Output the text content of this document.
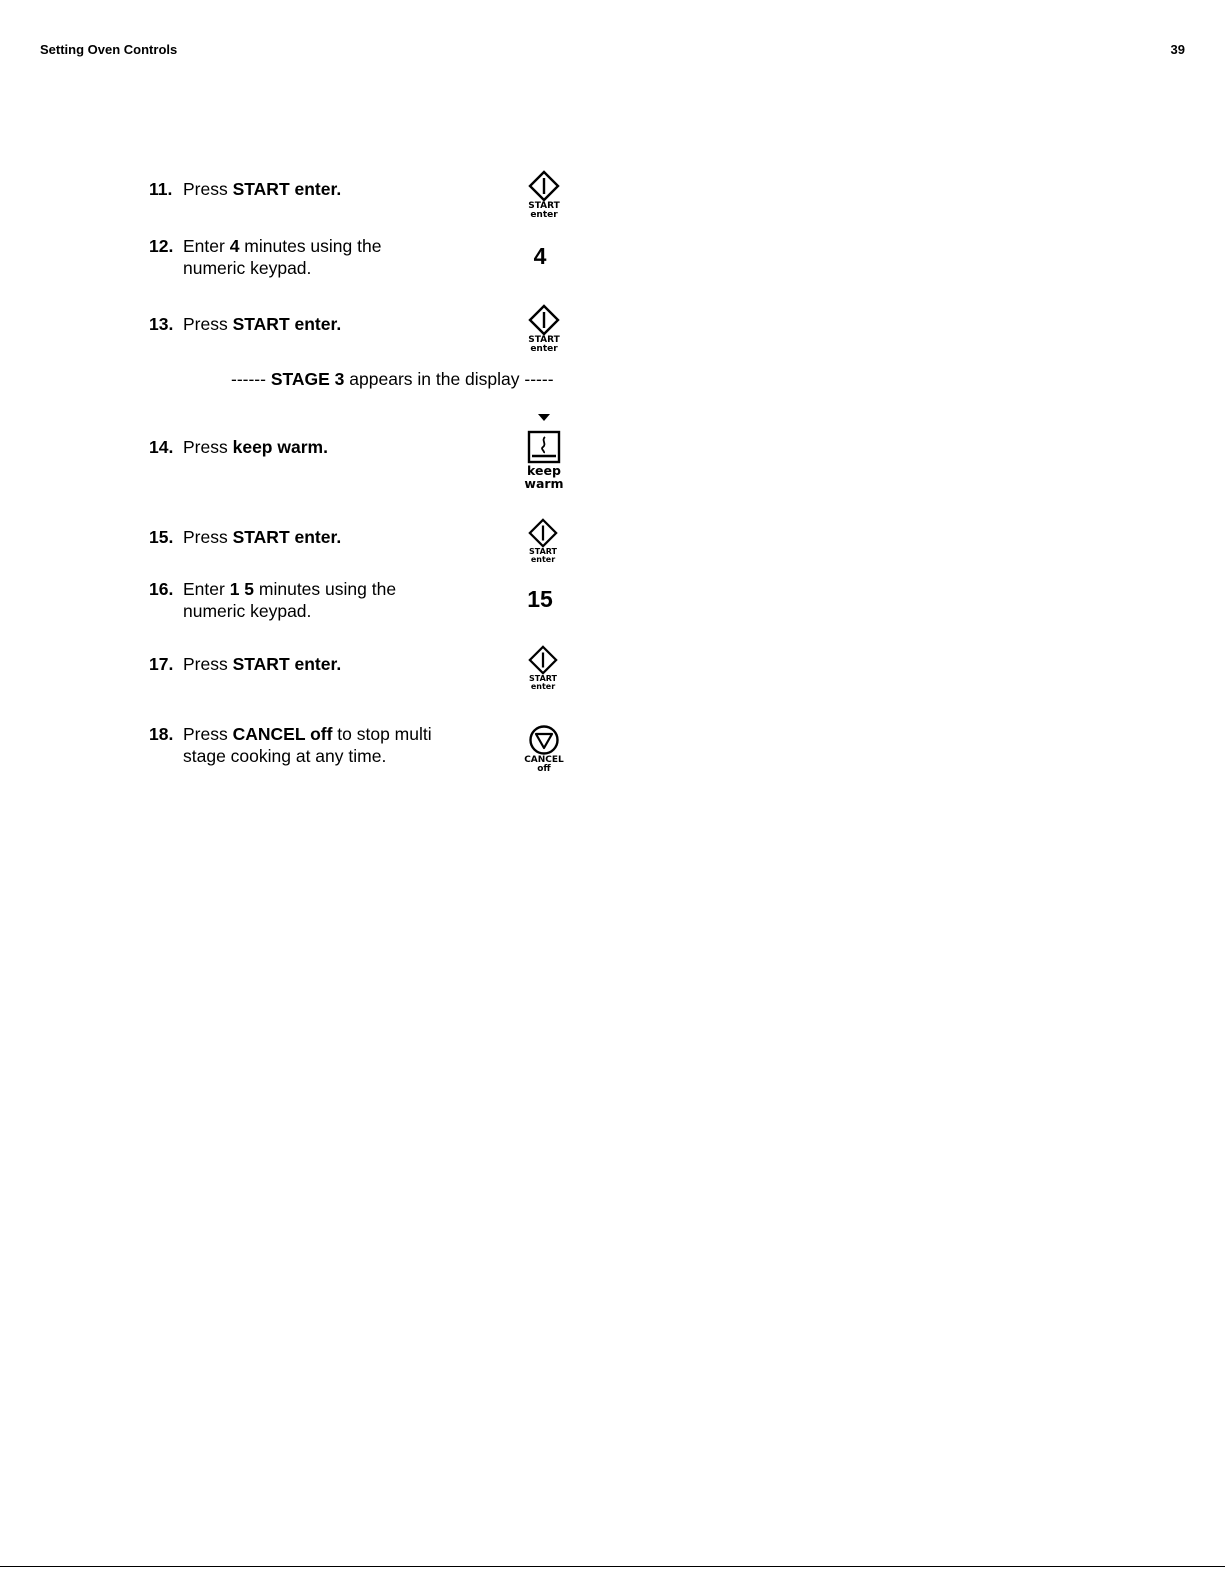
Setting Oven Controls	39
11. Press START enter.
12. Enter 4 minutes using the numeric keypad.
13. Press START enter.
------ STAGE 3 appears in the display -----
14. Press keep warm.
15. Press START enter.
16. Enter 1 5 minutes using the numeric keypad.
17. Press START enter.
18. Press CANCEL off to stop multi stage cooking at any time.
START
enter
4
START
enter
keep
warm
START
enter
15
START
enter
CANCEL
off
